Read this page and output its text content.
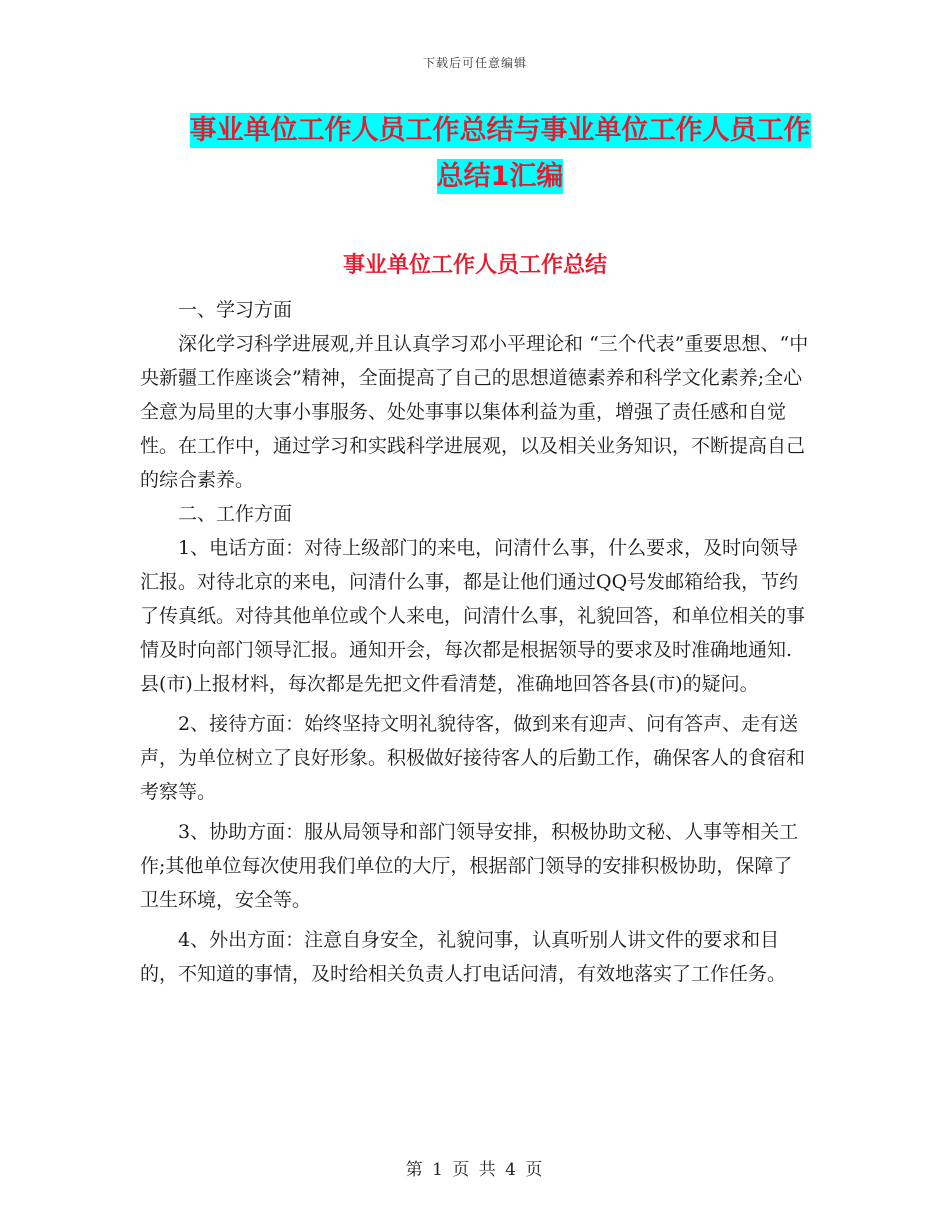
下载后可任意编辑
事业单位工作人员工作总结与事业单位工作人员工作
总结1汇编
事业单位工作人员工作总结

一、学习方面

深化学习科学进展观,并且认真学习邓小平理论和 “三个代表”重要思想、“中央新疆工作座谈会”精神，全面提高了自己的思想道德素养和科学文化素养;全心全意为局里的大事小事服务、处处事事以集体利益为重，增强了责任感和自觉性。在工作中，通过学习和实践科学进展观，以及相关业务知识，不断提高自己的综合素养。

二、工作方面

1、电话方面：对待上级部门的来电，问清什么事，什么要求，及时向领导汇报。对待北京的来电，问清什么事，都是让他们通过QQ号发邮箱给我，节约了传真纸。对待其他单位或个人来电，问清什么事，礼貌回答，和单位相关的事情及时向部门领导汇报。通知开会，每次都是根据领导的要求及时准确地通知. 县(市)上报材料，每次都是先把文件看清楚，准确地回答各县(市)的疑问。

2、接待方面：始终坚持文明礼貌待客，做到来有迎声、问有答声、走有送声，为单位树立了良好形象。积极做好接待客人的后勤工作，确保客人的食宿和考察等。

3、协助方面：服从局领导和部门领导安排，积极协助文秘、人事等相关工作;其他单位每次使用我们单位的大厅，根据部门领导的安排积极协助，保障了卫生环境，安全等。

4、外出方面：注意自身安全，礼貌问事，认真听别人讲文件的要求和目的，不知道的事情，及时给相关负责人打电话问清，有效地落实了工作任务。

第 1 页 共 4 页
